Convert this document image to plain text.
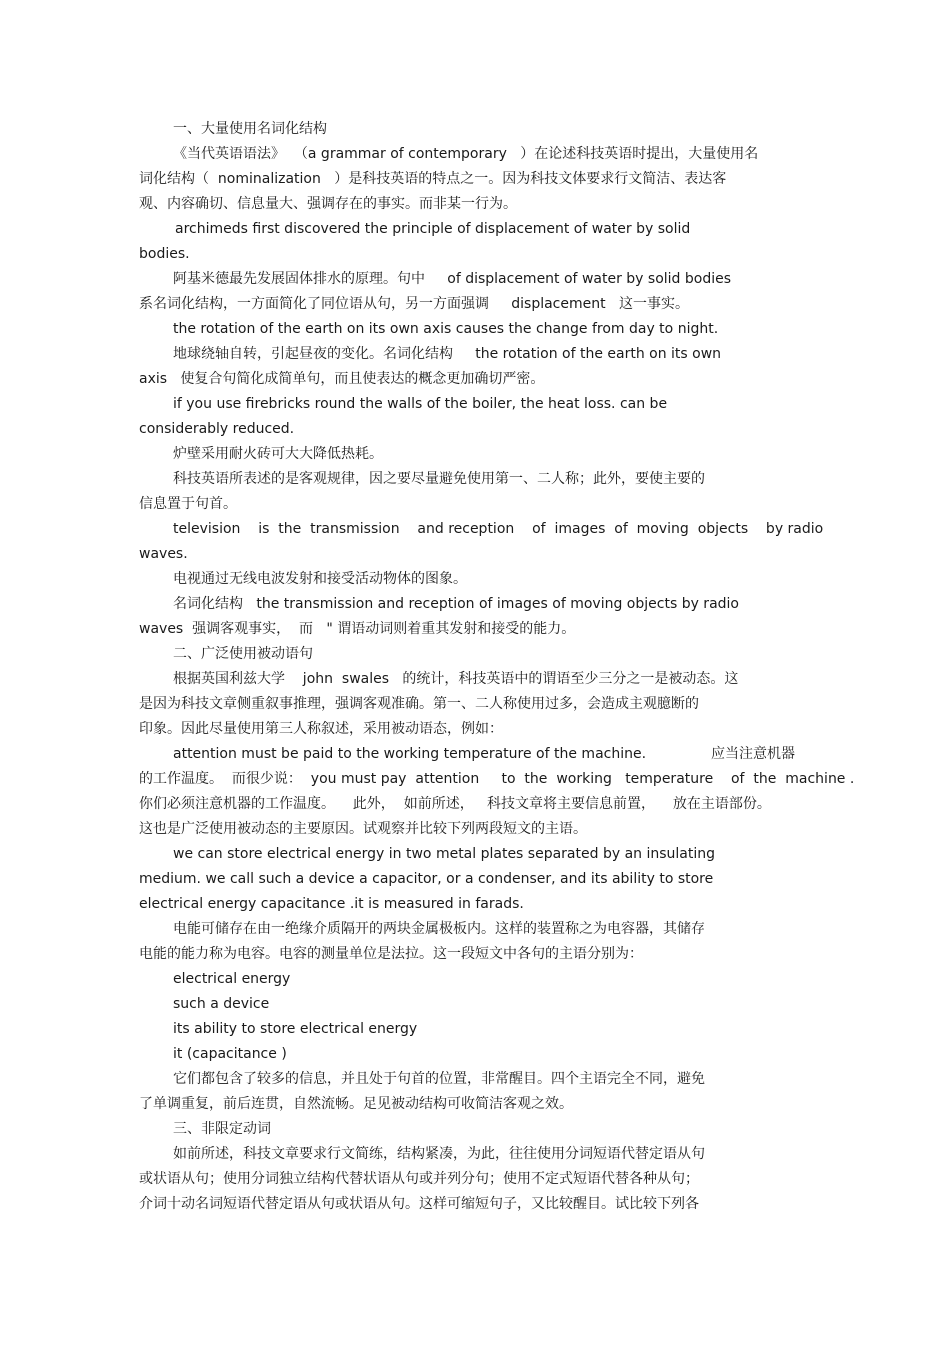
一、大量使用名词化结构
《当代英语语法》  （a grammar of contemporary   ）在论述科技英语时提出，大量使用名
词化结构（  nominalization   ）是科技英语的特点之一。因为科技文体要求行文简洁、表达客
观、内容确切、信息量大、强调存在的事实。而非某一行为。
archimeds first discovered the principle of displacement of water by solid
bodies.
阿基米德最先发展固体排水的原理。句中     of displacement of water by solid bodies
系名词化结构，一方面简化了同位语从句，另一方面强调     displacement   这一事实。
the rotation of the earth on its own axis causes the change from day to night.
地球绕轴自转，引起昼夜的变化。名词化结构     the rotation of the earth on its own
axis   使复合句简化成简单句，而且使表达的概念更加确切严密。
if you use firebricks round the walls of the boiler, the heat loss. can be
considerably reduced.
炉壁采用耐火砖可大大降低热耗。
科技英语所表述的是客观规律，因之要尽量避免使用第一、二人称；此外，要使主要的
信息置于句首。
television    is  the  transmission    and reception    of  images  of  moving  objects    by radio
waves.
电视通过无线电波发射和接受活动物体的图象。
名词化结构   the transmission and reception of images of moving objects by radio
waves  强调客观事实，  而   " 谓语动词则着重其发射和接受的能力。
二、广泛使用被动语句
根据英国利兹大学    john  swales   的统计，科技英语中的谓语至少三分之一是被动态。这
是因为科技文章侧重叙事推理，强调客观准确。第一、二人称使用过多，会造成主观臆断的
印象。因此尽量使用第三人称叙述，采用被动语态，例如：
attention must be paid to the working temperature of the machine.	应当注意机器
的工作温度。  而很少说：  you must pay  attention     to  the  working   temperature    of  the  machine .
你们必须注意机器的工作温度。    此外，  如前所述，   科技文章将主要信息前置，    放在主语部份。
这也是广泛使用被动态的主要原因。试观察并比较下列两段短文的主语。
we can store electrical energy in two metal plates separated by an insulating
medium. we call such a device a capacitor, or a condenser, and its ability to store
electrical energy capacitance .it is measured in farads.
电能可储存在由一绝缘介质隔开的两块金属极板内。这样的装置称之为电容器，其储存
电能的能力称为电容。电容的测量单位是法拉。这一段短文中各句的主语分别为：
electrical energy
such a device
its ability to store electrical energy
it (capacitance )
它们都包含了较多的信息，并且处于句首的位置，非常醒目。四个主语完全不同，避免
了单调重复，前后连贯，自然流畅。足见被动结构可收简洁客观之效。
三、非限定动词
如前所述，科技文章要求行文简练，结构紧凑，为此，往往使用分词短语代替定语从句
或状语从句；使用分词独立结构代替状语从句或并列分句；使用不定式短语代替各种从句；
介词十动名词短语代替定语从句或状语从句。这样可缩短句子，又比较醒目。试比较下列各
